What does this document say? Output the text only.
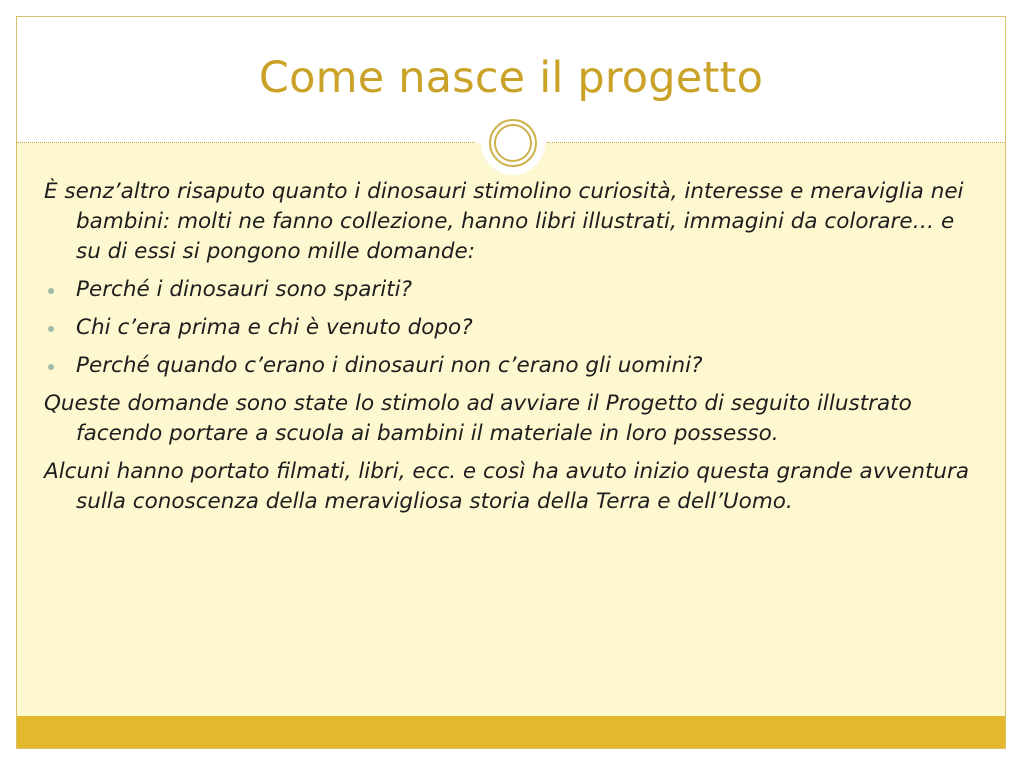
Come nasce il progetto

È senz’altro risaputo quanto i dinosauri stimolino curiosità, interesse e meraviglia nei bambini: molti ne fanno collezione, hanno libri illustrati, immagini da colorare… e su di essi si pongono mille domande:

Perché i dinosauri sono spariti?
Chi c’era prima e chi è venuto dopo?
Perché quando c’erano i dinosauri non c’erano gli uomini?

Queste domande sono state lo stimolo ad avviare il Progetto di seguito illustrato facendo portare a scuola ai bambini il materiale in loro possesso.

Alcuni hanno portato filmati, libri, ecc. e così ha avuto inizio questa grande avventura sulla conoscenza della meravigliosa storia della Terra e dell’Uomo.
